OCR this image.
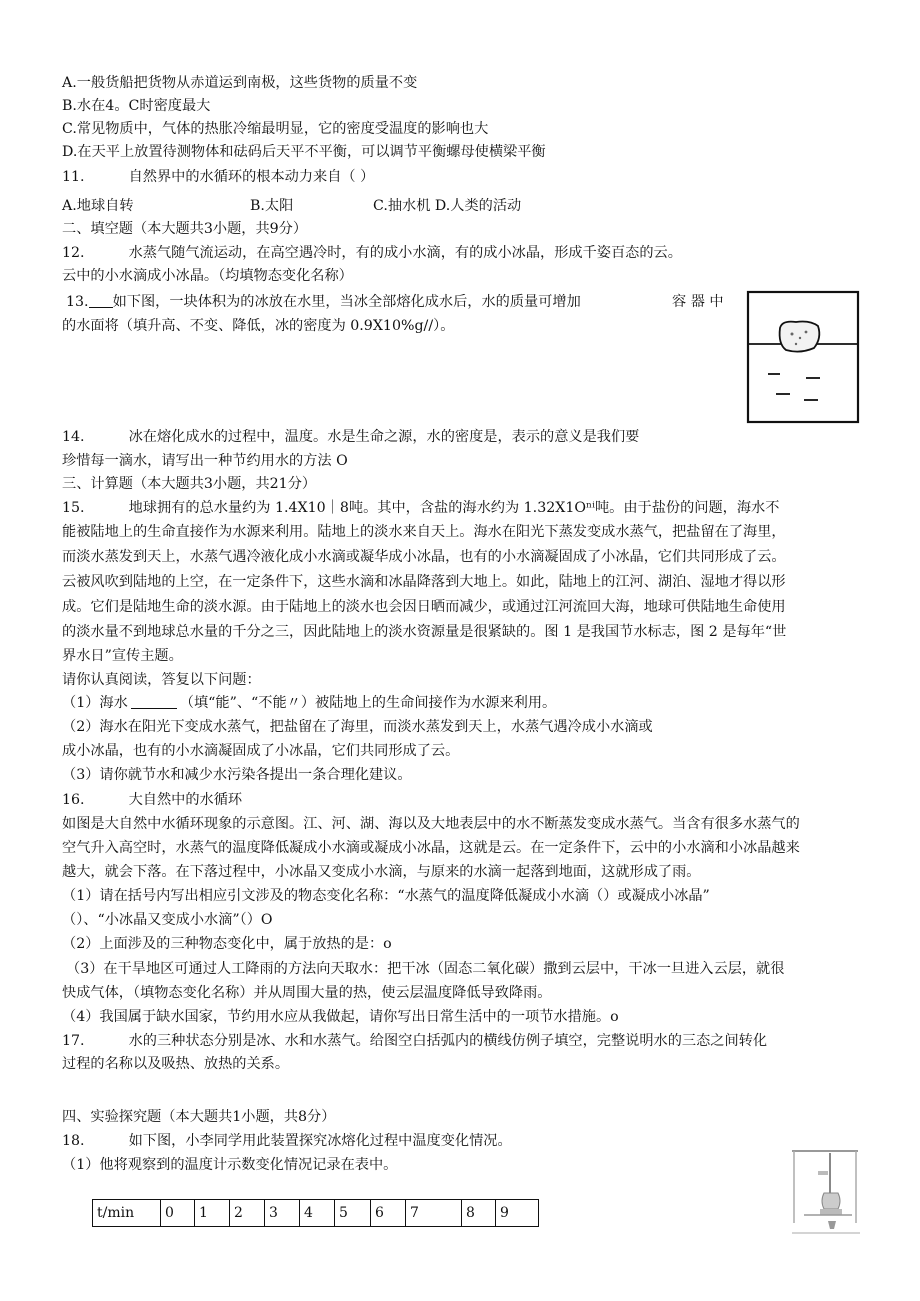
A.一般货船把货物从赤道运到南极，这些货物的质量不变
B.水在4。C时密度最大
C.常见物质中，气体的热胀冷缩最明显，它的密度受温度的影响也大
D.在天平上放置待测物体和砝码后天平不平衡，可以调节平衡螺母使横梁平衡
11.	自然界中的水循环的根本动力来自（ ）
A.地球自转	B.太阳	C.抽水机 D.人类的活动
二、填空题（本大题共3小题，共9分）
12.	水蒸气随气流运动，在高空遇冷时，有的成小水滴，有的成小冰晶，形成千姿百态的云。
云中的小水滴成小冰晶。（均填物态变化名称）
13. 如下图，一块体积为的冰放在水里，当冰全部熔化成水后，水的质量可增加	容 器 中
的水面将（填升高、不变、降低，冰的密度为 0.9X10%g//）。
14.	冰在熔化成水的过程中，温度。水是生命之源，水的密度是，表示的意义是我们要
珍惜每一滴水，请写出一种节约用水的方法 O
三、计算题（本大题共3小题，共21分）
15.	地球拥有的总水量约为 1.4X10｜8吨。其中，含盐的海水约为 1.32X1Oⁿⁱ吨。由于盐份的问题，海水不
能被陆地上的生命直接作为水源来利用。陆地上的淡水来自天上。海水在阳光下蒸发变成水蒸气，把盐留在了海里，
而淡水蒸发到天上，水蒸气遇冷液化成小水滴或凝华成小冰晶，也有的小水滴凝固成了小冰晶，它们共同形成了云。
云被风吹到陆地的上空，在一定条件下，这些水滴和冰晶降落到大地上。如此，陆地上的江河、湖泊、湿地才得以形
成。它们是陆地生命的淡水源。由于陆地上的淡水也会因日晒而减少，或通过江河流回大海，地球可供陆地生命使用
的淡水量不到地球总水量的千分之三，因此陆地上的淡水资源量是很紧缺的。图 1 是我国节水标志，图 2 是每年“世
界水日”宣传主题。
请你认真阅读，答复以下问题：
（1）海水	（填“能”、“不能〃）被陆地上的生命间接作为水源来利用。
（2）海水在阳光下变成水蒸气，把盐留在了海里，而淡水蒸发到天上，水蒸气遇冷成小水滴或
成小冰晶，也有的小水滴凝固成了小冰晶，它们共同形成了云。
（3）请你就节水和减少水污染各提出一条合理化建议。
16.	大自然中的水循环
如图是大自然中水循环现象的示意图。江、河、湖、海以及大地表层中的水不断蒸发变成水蒸气。当含有很多水蒸气的
空气升入高空时，水蒸气的温度降低凝成小水滴或凝成小冰晶，这就是云。在一定条件下，云中的小水滴和小冰晶越来
越大，就会下落。在下落过程中，小冰晶又变成小水滴，与原来的水滴一起落到地面，这就形成了雨。
（1）请在括号内写出相应引文涉及的物态变化名称：“水蒸气的温度降低凝成小水滴（）或凝成小冰晶”
（）、“小冰晶又变成小水滴”（）O
（2）上面涉及的三种物态变化中，属于放热的是：o
（3）在干旱地区可通过人工降雨的方法向天取水：把干冰（固态二氧化碳）撒到云层中，干冰一旦进入云层，就很
快成气体，（填物态变化名称）并从周围大量的热，使云层温度降低导致降雨。
（4）我国属于缺水国家，节约用水应从我做起，请你写出日常生活中的一项节水措施。o
17.	水的三种状态分别是冰、水和水蒸气。给图空白括弧内的横线仿例子填空，完整说明水的三态之间转化
过程的名称以及吸热、放热的关系。
四、实验探究题（本大题共1小题，共8分）
18.	如下图，小李同学用此装置探究冰熔化过程中温度变化情况。
（1）他将观察到的温度计示数变化情况记录在表中。
t/min	0	1	2	3	4	5	6	7	8	9
